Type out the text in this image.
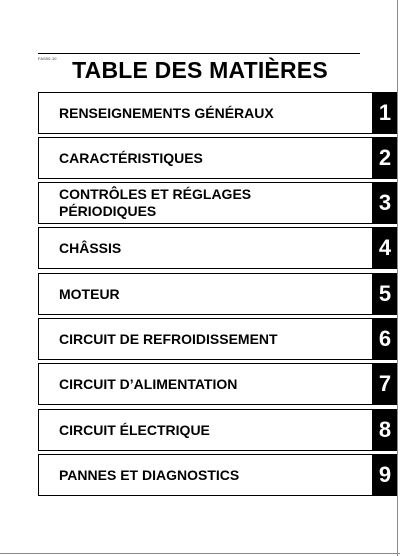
FAS00-10 TABLE DES MATIÈRES
RENSEIGNEMENTS GÉNÉRAUX	1
CARACTÉRISTIQUES	2
CONTRÔLES ET RÉGLAGES
PÉRIODIQUES	3
CHÂSSIS	4
MOTEUR	5
CIRCUIT DE REFROIDISSEMENT	6
CIRCUIT D’ALIMENTATION	7
CIRCUIT ÉLECTRIQUE	8
PANNES ET DIAGNOSTICS	9
